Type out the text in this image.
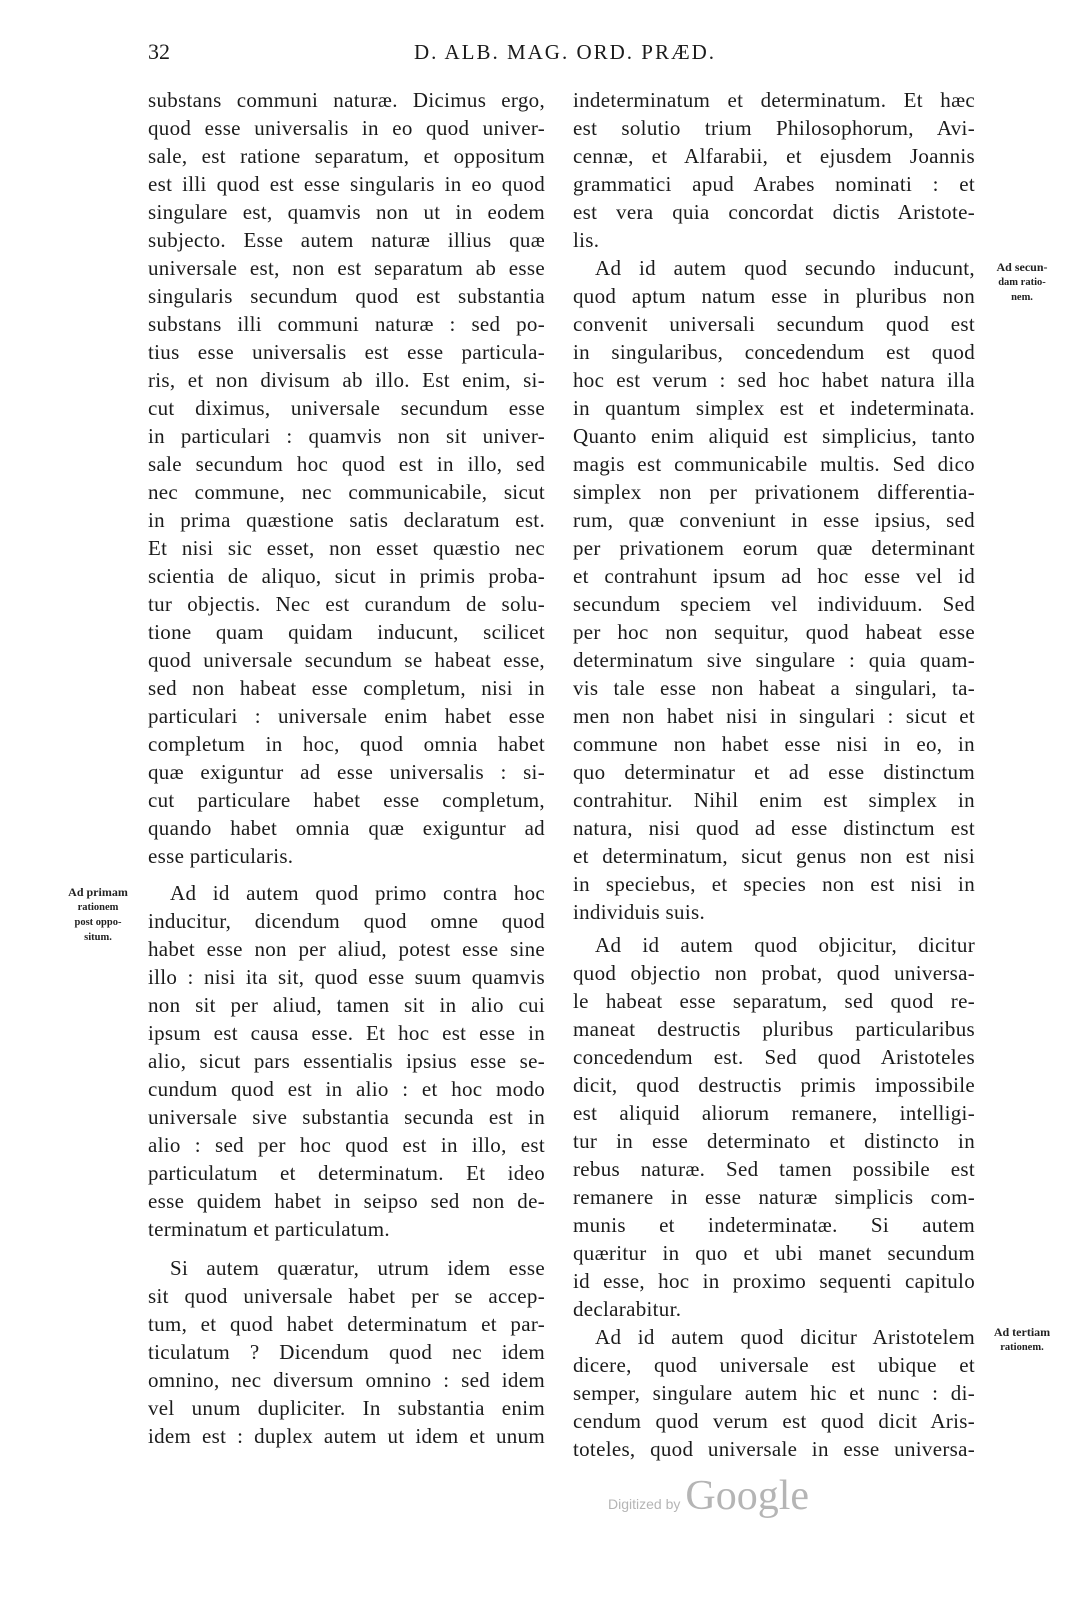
32	D. ALB. MAG. ORD. PRÆD.
substans communi naturæ. Dicimus ergo,
quod esse universalis in eo quod univer-
sale, est ratione separatum, et oppositum
est illi quod est esse singularis in eo quod
singulare est, quamvis non ut in eodem
subjecto. Esse autem naturæ illius quæ
universale est, non est separatum ab esse
singularis secundum quod est substantia
substans illi communi naturæ : sed po-
tius esse universalis est esse particula-
ris, et non divisum ab illo. Est enim, si-
cut diximus, universale secundum esse
in particulari : quamvis non sit univer-
sale secundum hoc quod est in illo, sed
nec commune, nec communicabile, sicut
in prima quæstione satis declaratum est.
Et nisi sic esset, non esset quæstio nec
scientia de aliquo, sicut in primis proba-
tur objectis. Nec est curandum de solu-
tione quam quidam inducunt, scilicet
quod universale secundum se habeat esse,
sed non habeat esse completum, nisi in
particulari : universale enim habet esse
completum in hoc, quod omnia habet
quæ exiguntur ad esse universalis : si-
cut particulare habet esse completum,
quando habet omnia quæ exiguntur ad
esse particularis.
Ad id autem quod primo contra hoc
inducitur, dicendum quod omne quod
habet esse non per aliud, potest esse sine
illo : nisi ita sit, quod esse suum quamvis
non sit per aliud, tamen sit in alio cui
ipsum est causa esse. Et hoc est esse in
alio, sicut pars essentialis ipsius esse se-
cundum quod est in alio : et hoc modo
universale sive substantia secunda est in
alio : sed per hoc quod est in illo, est
particulatum et determinatum. Et ideo
esse quidem habet in seipso sed non de-
terminatum et particulatum.
Si autem quæratur, utrum idem esse
sit quod universale habet per se accep-
tum, et quod habet determinatum et par-
ticulatum ? Dicendum quod nec idem
omnino, nec diversum omnino : sed idem
vel unum dupliciter. In substantia enim
idem est : duplex autem ut idem et unum
indeterminatum et determinatum. Et hæc
est solutio trium Philosophorum, Avi-
cennæ, et Alfarabii, et ejusdem Joannis
grammatici apud Arabes nominati : et
est vera quia concordat dictis Aristote-
lis.
Ad id autem quod secundo inducunt,
quod aptum natum esse in pluribus non
convenit universali secundum quod est
in singularibus, concedendum est quod
hoc est verum : sed hoc habet natura illa
in quantum simplex est et indeterminata.
Quanto enim aliquid est simplicius, tanto
magis est communicabile multis. Sed dico
simplex non per privationem differentia-
rum, quæ conveniunt in esse ipsius, sed
per privationem eorum quæ determinant
et contrahunt ipsum ad hoc esse vel id
secundum speciem vel individuum. Sed
per hoc non sequitur, quod habeat esse
determinatum sive singulare : quia quam-
vis tale esse non habeat a singulari, ta-
men non habet nisi in singulari : sicut et
commune non habet esse nisi in eo, in
quo determinatur et ad esse distinctum
contrahitur. Nihil enim est simplex in
natura, nisi quod ad esse distinctum est
et determinatum, sicut genus non est nisi
in speciebus, et species non est nisi in
individuis suis.
Ad id autem quod objicitur, dicitur
quod objectio non probat, quod universa-
le habeat esse separatum, sed quod re-
maneat destructis pluribus particularibus
concedendum est. Sed quod Aristoteles
dicit, quod destructis primis impossibile
est aliquid aliorum remanere, intelligi-
tur in esse determinato et distincto in
rebus naturæ. Sed tamen possibile est
remanere in esse naturæ simplicis com-
munis et indeterminatæ. Si autem
quæritur in quo et ubi manet secundum
id esse, hoc in proximo sequenti capitulo
declarabitur.
Ad id autem quod dicitur Aristotelem
dicere, quod universale est ubique et
semper, singulare autem hic et nunc : di-
cendum quod verum est quod dicit Aris-
toteles, quod universale in esse universa-
Ad primam
rationem
post oppo-
situm.
Ad secun-
dam ratio-
nem.
Ad tertiam
rationem.
Digitized by Google
